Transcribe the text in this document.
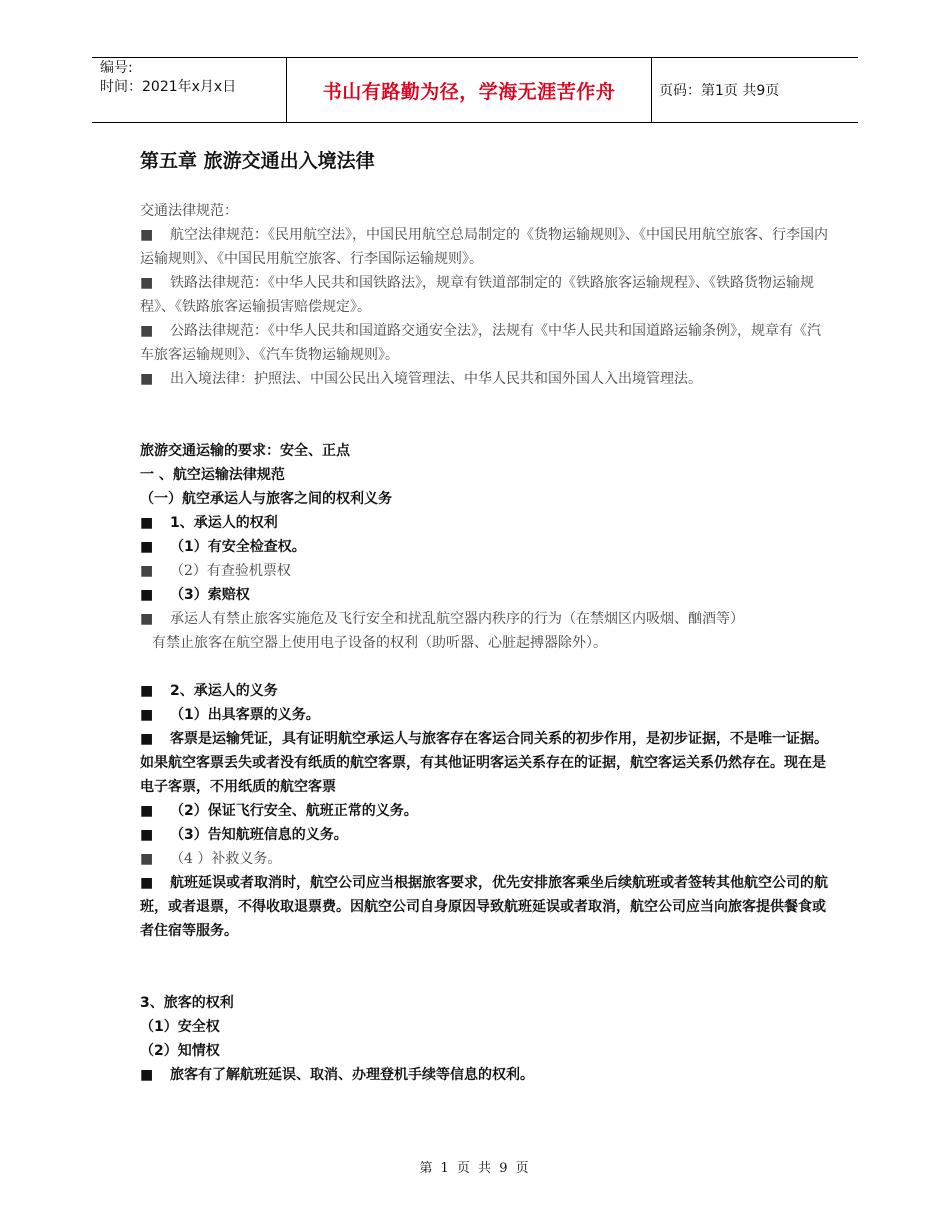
编号:
时间：2021年x月x日	书山有路勤为径，学海无涯苦作舟	页码：第1页 共9页
第五章 旅游交通出入境法律

交通法律规范：

■ 航空法律规范：《民用航空法》，中国民用航空总局制定的《货物运输规则》、《中国民用航空旅客、行李国内运输规则》、《中国民用航空旅客、行李国际运输规则》。

■ 铁路法律规范：《中华人民共和国铁路法》，规章有铁道部制定的《铁路旅客运输规程》、《铁路货物运输规程》、《铁路旅客运输损害赔偿规定》。

■ 公路法律规范：《中华人民共和国道路交通安全法》，法规有《中华人民共和国道路运输条例》，规章有《汽车旅客运输规则》、《汽车货物运输规则》。

■ 出入境法律：护照法、中国公民出入境管理法、中华人民共和国外国人入出境管理法。

旅游交通运输的要求：安全、正点

一 、航空运输法律规范

（一）航空承运人与旅客之间的权利义务

■ 1、承运人的权利

■ （1）有安全检查权。

■ （2）有查验机票权

■ （3）索赔权

■ 承运人有禁止旅客实施危及飞行安全和扰乱航空器内秩序的行为（在禁烟区内吸烟、酗酒等）

有禁止旅客在航空器上使用电子设备的权利（助听器、心脏起搏器除外）。

■ 2、承运人的义务

■ （1）出具客票的义务。

■ 客票是运输凭证，具有证明航空承运人与旅客存在客运合同关系的初步作用，是初步证据，不是唯一证据。如果航空客票丢失或者没有纸质的航空客票，有其他证明客运关系存在的证据，航空客运关系仍然存在。现在是电子客票，不用纸质的航空客票

■ （2）保证飞行安全、航班正常的义务。

■ （3）告知航班信息的义务。

■ （4 ）补救义务。

■ 航班延误或者取消时，航空公司应当根据旅客要求，优先安排旅客乘坐后续航班或者签转其他航空公司的航班，或者退票，不得收取退票费。因航空公司自身原因导致航班延误或者取消，航空公司应当向旅客提供餐食或者住宿等服务。

3、旅客的权利

（1）安全权

（2）知情权

■ 旅客有了解航班延误、取消、办理登机手续等信息的权利。

第 1 页 共 9 页
